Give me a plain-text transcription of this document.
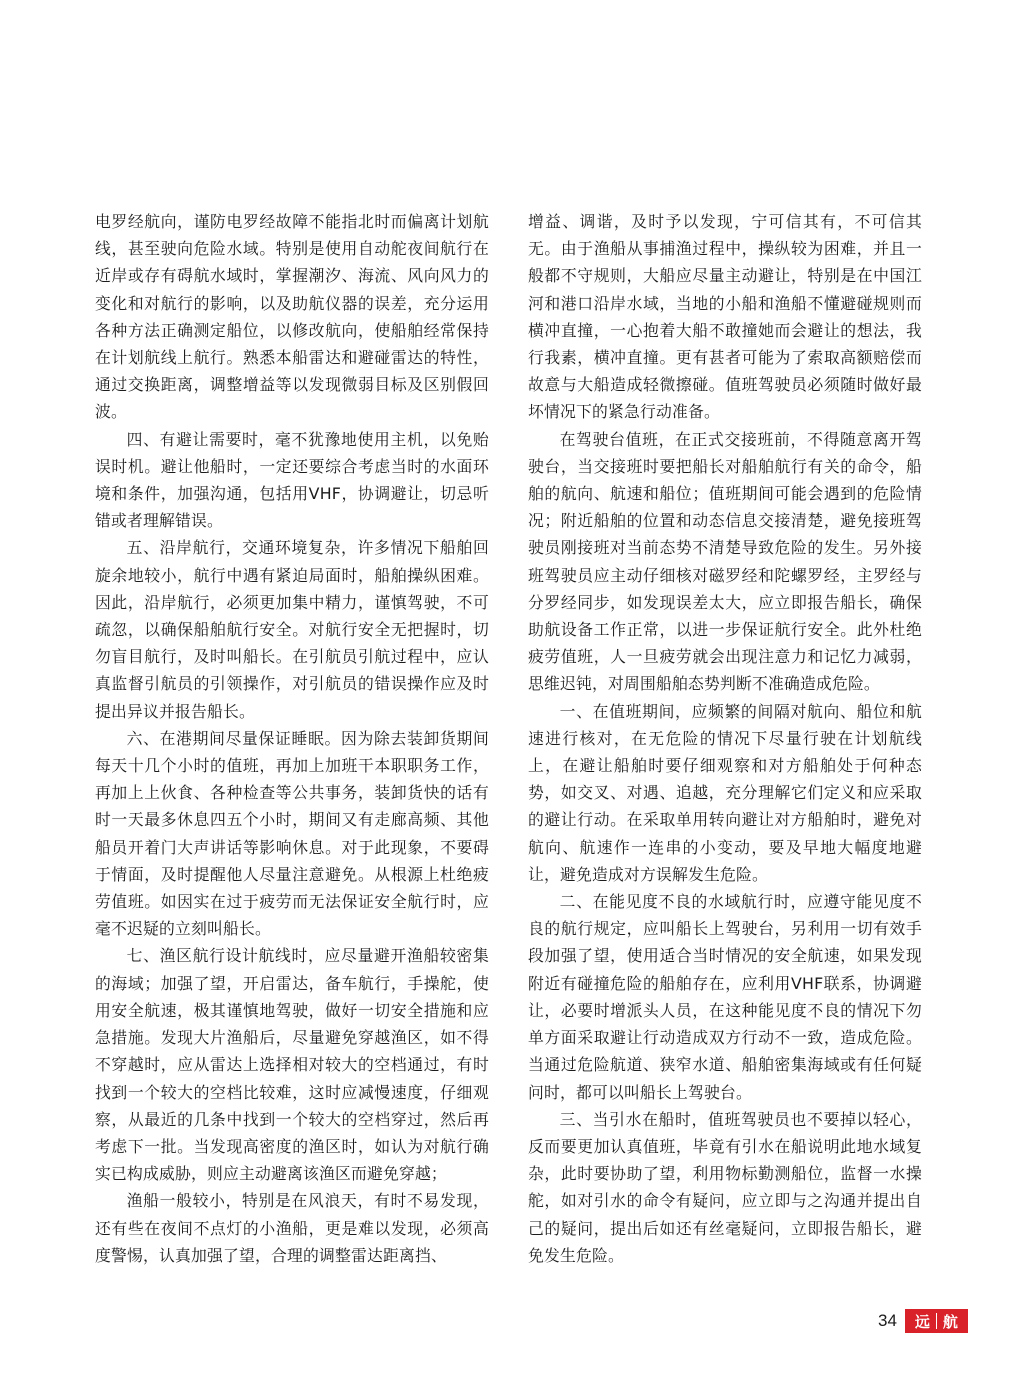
电罗经航向，谨防电罗经故障不能指北时而偏离计划航线，甚至驶向危险水域。特别是使用自动舵夜间航行在近岸或存有碍航水域时，掌握潮汐、海流、风向风力的变化和对航行的影响，以及助航仪器的误差，充分运用各种方法正确测定船位，以修改航向，使船舶经常保持在计划航线上航行。熟悉本船雷达和避碰雷达的特性，通过交换距离，调整增益等以发现微弱目标及区别假回波。

四、有避让需要时，毫不犹豫地使用主机，以免贻误时机。避让他船时，一定还要综合考虑当时的水面环境和条件，加强沟通，包括用VHF，协调避让，切忌听错或者理解错误。

五、沿岸航行，交通环境复杂，许多情况下船舶回旋余地较小，航行中遇有紧迫局面时，船舶操纵困难。因此，沿岸航行，必须更加集中精力，谨慎驾驶，不可疏忽，以确保船舶航行安全。对航行安全无把握时，切勿盲目航行，及时叫船长。在引航员引航过程中，应认真监督引航员的引领操作，对引航员的错误操作应及时提出异议并报告船长。

六、在港期间尽量保证睡眠。因为除去装卸货期间每天十几个小时的值班，再加上加班干本职职务工作，再加上上伙食、各种检查等公共事务，装卸货快的话有时一天最多休息四五个小时，期间又有走廊高频、其他船员开着门大声讲话等影响休息。对于此现象，不要碍于情面，及时提醒他人尽量注意避免。从根源上杜绝疲劳值班。如因实在过于疲劳而无法保证安全航行时，应毫不迟疑的立刻叫船长。

七、渔区航行设计航线时，应尽量避开渔船较密集的海域；加强了望，开启雷达，备车航行，手操舵，使用安全航速，极其谨慎地驾驶，做好一切安全措施和应急措施。发现大片渔船后，尽量避免穿越渔区，如不得不穿越时，应从雷达上选择相对较大的空档通过，有时找到一个较大的空档比较难，这时应减慢速度，仔细观察，从最近的几条中找到一个较大的空档穿过，然后再考虑下一批。当发现高密度的渔区时，如认为对航行确实已构成威胁，则应主动避离该渔区而避免穿越；

渔船一般较小，特别是在风浪天，有时不易发现，还有些在夜间不点灯的小渔船，更是难以发现，必须高度警惕，认真加强了望，合理的调整雷达距离挡、

增益、调谐，及时予以发现，宁可信其有，不可信其无。由于渔船从事捕渔过程中，操纵较为困难，并且一般都不守规则，大船应尽量主动避让，特别是在中国江河和港口沿岸水域，当地的小船和渔船不懂避碰规则而横冲直撞，一心抱着大船不敢撞她而会避让的想法，我行我素，横冲直撞。更有甚者可能为了索取高额赔偿而故意与大船造成轻微擦碰。值班驾驶员必须随时做好最坏情况下的紧急行动准备。

在驾驶台值班，在正式交接班前，不得随意离开驾驶台，当交接班时要把船长对船舶航行有关的命令，船舶的航向、航速和船位；值班期间可能会遇到的危险情况；附近船舶的位置和动态信息交接清楚，避免接班驾驶员刚接班对当前态势不清楚导致危险的发生。另外接班驾驶员应主动仔细核对磁罗经和陀螺罗经，主罗经与分罗经同步，如发现误差太大，应立即报告船长，确保助航设备工作正常，以进一步保证航行安全。此外杜绝疲劳值班，人一旦疲劳就会出现注意力和记忆力减弱，思维迟钝，对周围船舶态势判断不准确造成危险。

一、在值班期间，应频繁的间隔对航向、船位和航速进行核对，在无危险的情况下尽量行驶在计划航线上，在避让船舶时要仔细观察和对方船舶处于何种态势，如交叉、对遇、追越，充分理解它们定义和应采取的避让行动。在采取单用转向避让对方船舶时，避免对航向、航速作一连串的小变动，要及早地大幅度地避让，避免造成对方误解发生危险。

二、在能见度不良的水域航行时，应遵守能见度不良的航行规定，应叫船长上驾驶台，另利用一切有效手段加强了望，使用适合当时情况的安全航速，如果发现附近有碰撞危险的船舶存在，应利用VHF联系，协调避让，必要时增派头人员，在这种能见度不良的情况下勿单方面采取避让行动造成双方行动不一致，造成危险。当通过危险航道、狭窄水道、船舶密集海域或有任何疑问时，都可以叫船长上驾驶台。

三、当引水在船时，值班驾驶员也不要掉以轻心，反而要更加认真值班，毕竟有引水在船说明此地水域复杂，此时要协助了望，利用物标勤测船位，监督一水操舵，如对引水的命令有疑问，应立即与之沟通并提出自己的疑问，提出后如还有丝毫疑问，立即报告船长，避免发生危险。

34 远 航
